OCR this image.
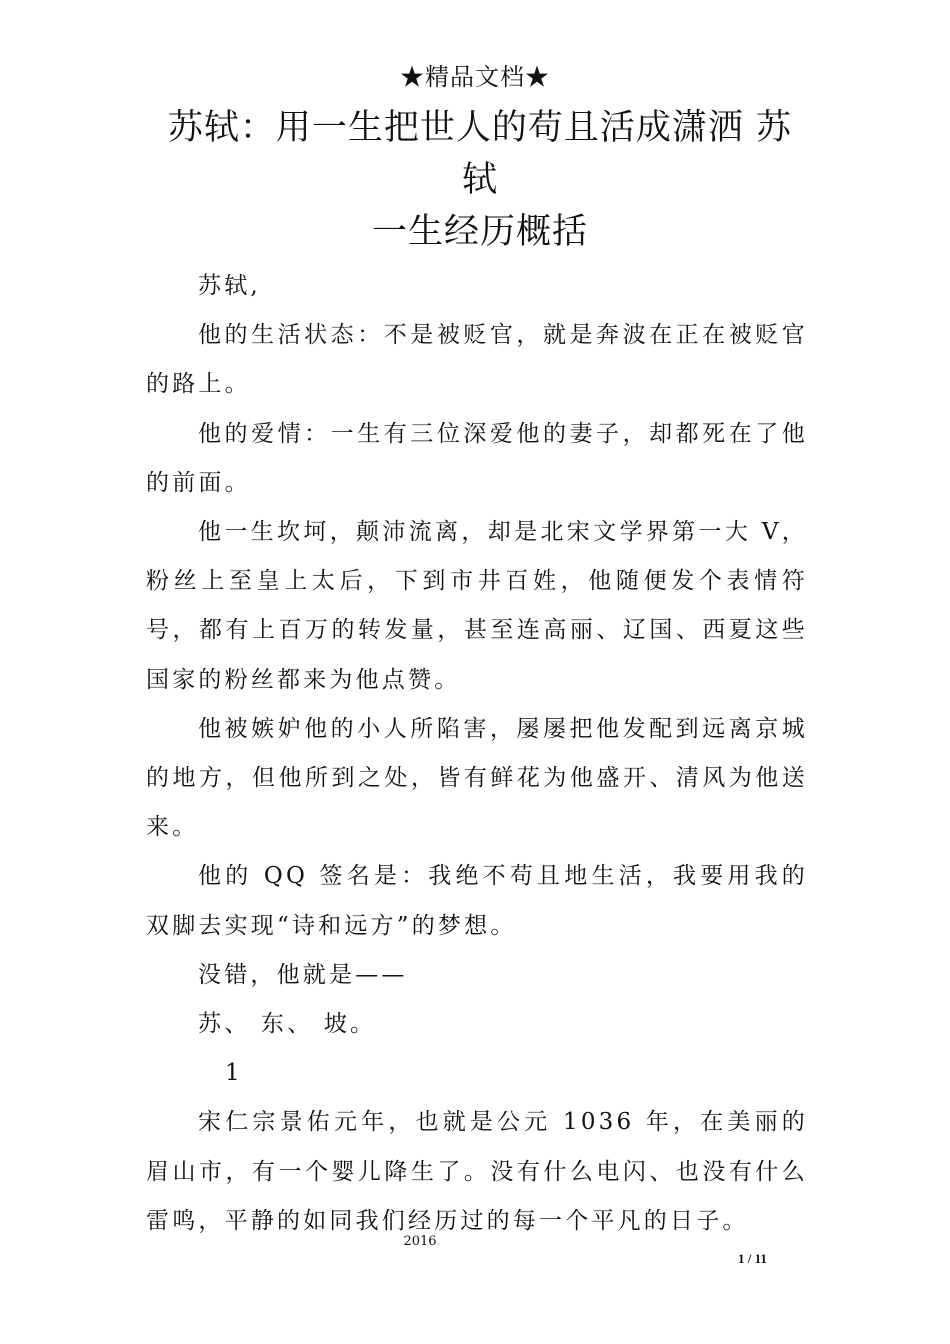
★精品文档★
苏轼：用一生把世人的苟且活成潇洒 苏轼
一生经历概括

苏轼,

他的生活状态：不是被贬官，就是奔波在正在被贬官的路上。

他的爱情：一生有三位深爱他的妻子，却都死在了他的前面。

他一生坎坷，颠沛流离，却是北宋文学界第一大 V，粉丝上至皇上太后，下到市井百姓，他随便发个表情符号，都有上百万的转发量，甚至连高丽、辽国、西夏这些国家的粉丝都来为他点赞。

他被嫉妒他的小人所陷害，屡屡把他发配到远离京城的地方，但他所到之处，皆有鲜花为他盛开、清风为他送来。

他的 QQ 签名是：我绝不苟且地生活，我要用我的双脚去实现“诗和远方”的梦想。

没错，他就是——

苏、 东、 坡。

1

宋仁宗景佑元年，也就是公元 1036 年，在美丽的眉山市，有一个婴儿降生了。没有什么电闪、也没有什么雷鸣，平静的如同我们经历过的每一个平凡的日子。

2016
1 / 11
